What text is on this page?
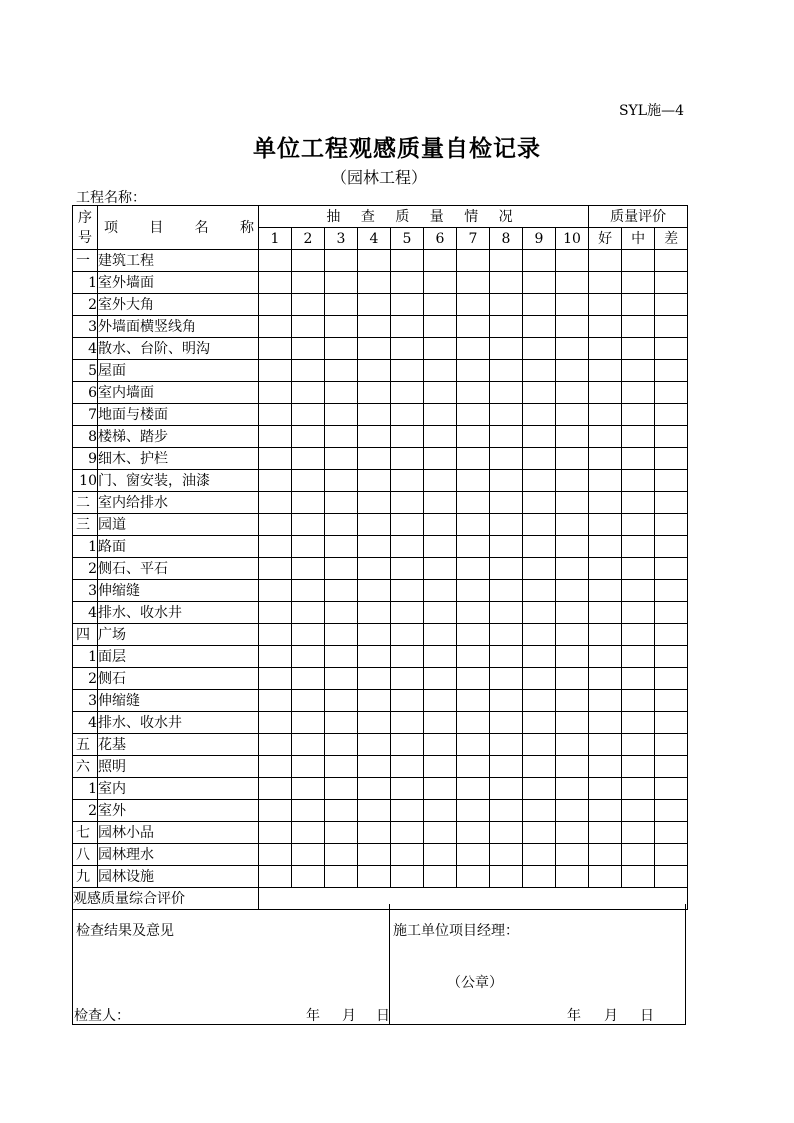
SYL施—4
单位工程观感质量自检记录
（园林工程）
工程名称：
序号	项 目 名 称	抽 查 质 量 情 况										质量评价		
		1	2	3	4	5	6	7	8	9	10	好	中	差
一	建筑工程													
1	室外墙面													
2	室外大角													
3	外墙面横竖线角													
4	散水、台阶、明沟													
5	屋面													
6	室内墙面													
7	地面与楼面													
8	楼梯、踏步													
9	细木、护栏													
10	门、窗安装，油漆													
二	室内给排水													
三	园道													
1	路面													
2	侧石、平石													
3	伸缩缝													
4	排水、收水井													
四	广场													
1	面层													
2	侧石													
3	伸缩缝													
4	排水、收水井													
五	花基													
六	照明													
1	室内													
2	室外													
七	园林小品													
八	园林理水													
九	园林设施													
观感质量综合评价														
检查结果及意见	施工单位项目经理：
（公章）
检查人：	年 月 日	年 月 日
